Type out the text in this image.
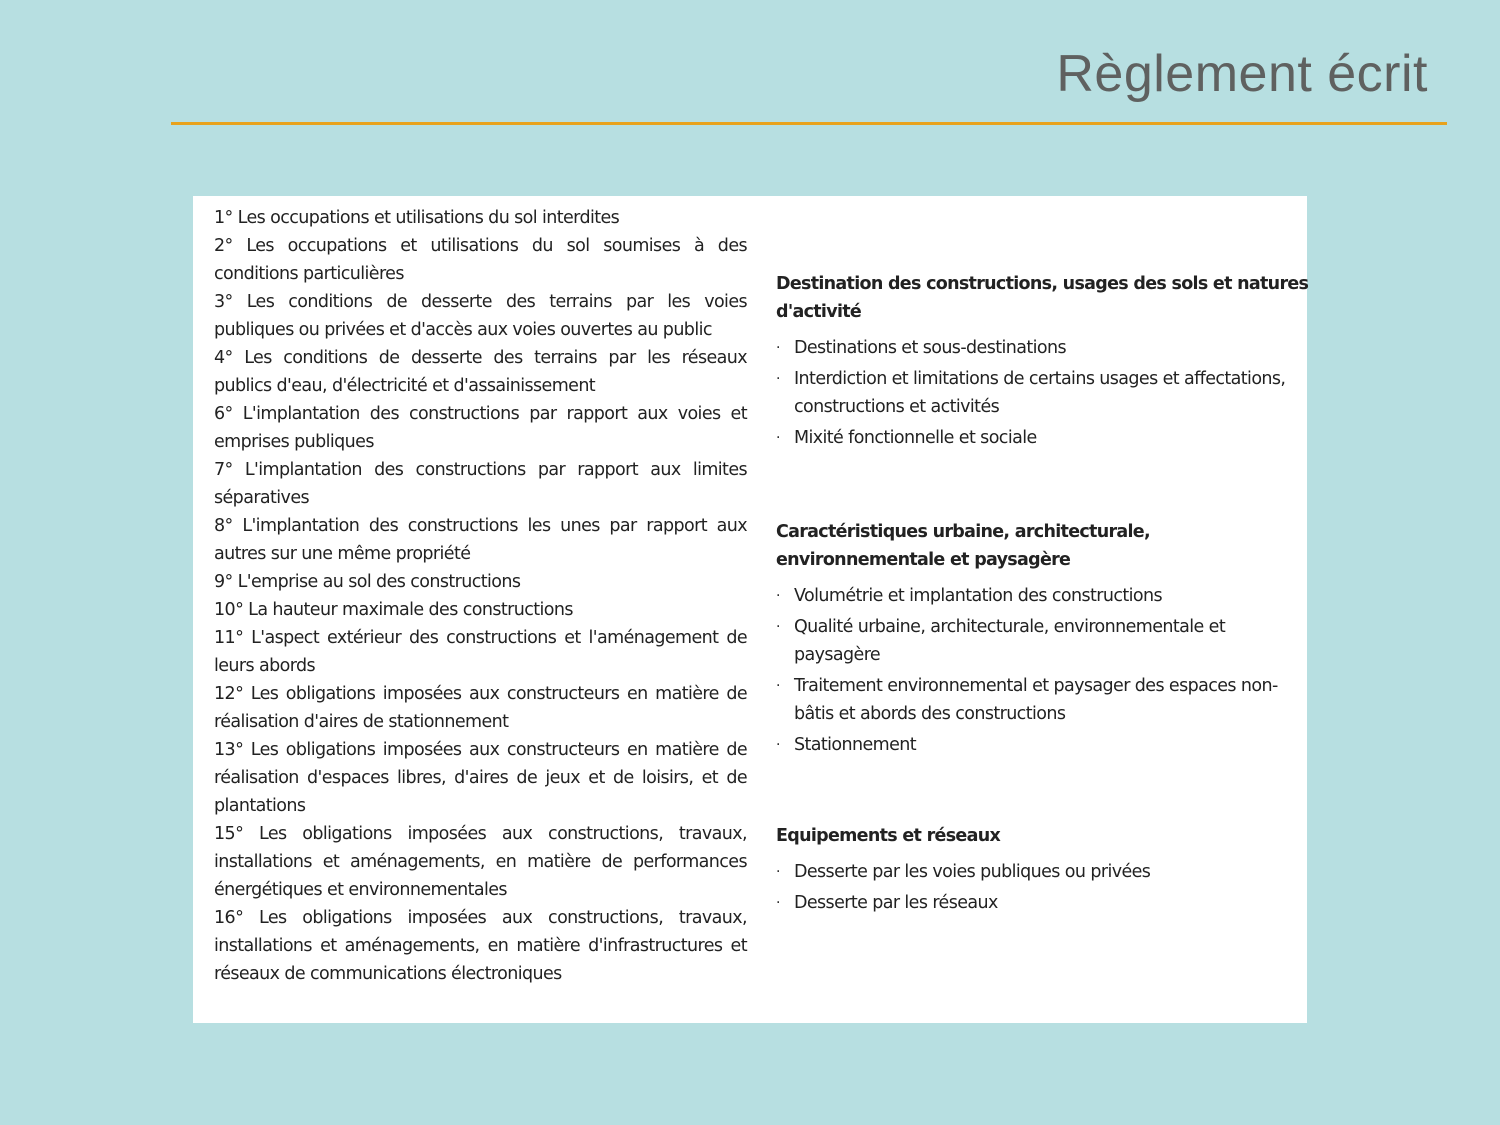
Règlement écrit

1° Les occupations et utilisations du sol interdites

2° Les occupations et utilisations du sol soumises à des conditions particulières

3° Les conditions de desserte des terrains par les voies publiques ou privées et d'accès aux voies ouvertes au public

4° Les conditions de desserte des terrains par les réseaux publics d'eau, d'électricité et d'assainissement

6° L'implantation des constructions par rapport aux voies et emprises publiques

7° L'implantation des constructions par rapport aux limites séparatives

8° L'implantation des constructions les unes par rapport aux autres sur une même propriété

9° L'emprise au sol des constructions

10° La hauteur maximale des constructions

11° L'aspect extérieur des constructions et l'aménagement de leurs abords

12° Les obligations imposées aux constructeurs en matière de réalisation d'aires de stationnement

13° Les obligations imposées aux constructeurs en matière de réalisation d'espaces libres, d'aires de jeux et de loisirs, et de plantations

15° Les obligations imposées aux constructions, travaux, installations et aménagements, en matière de performances énergétiques et environnementales

16° Les obligations imposées aux constructions, travaux, installations et aménagements, en matière d'infrastructures et réseaux de communications électroniques

Destination des constructions, usages des sols et natures d'activité
· Destinations et sous-destinations
· Interdiction et limitations de certains usages et affectations, constructions et activités
· Mixité fonctionnelle et sociale
Caractéristiques urbaine, architecturale, environnementale et paysagère
· Volumétrie et implantation des constructions
· Qualité urbaine, architecturale, environnementale et paysagère
· Traitement environnemental et paysager des espaces non-bâtis et abords des constructions
· Stationnement
Equipements et réseaux
· Desserte par les voies publiques ou privées
· Desserte par les réseaux
